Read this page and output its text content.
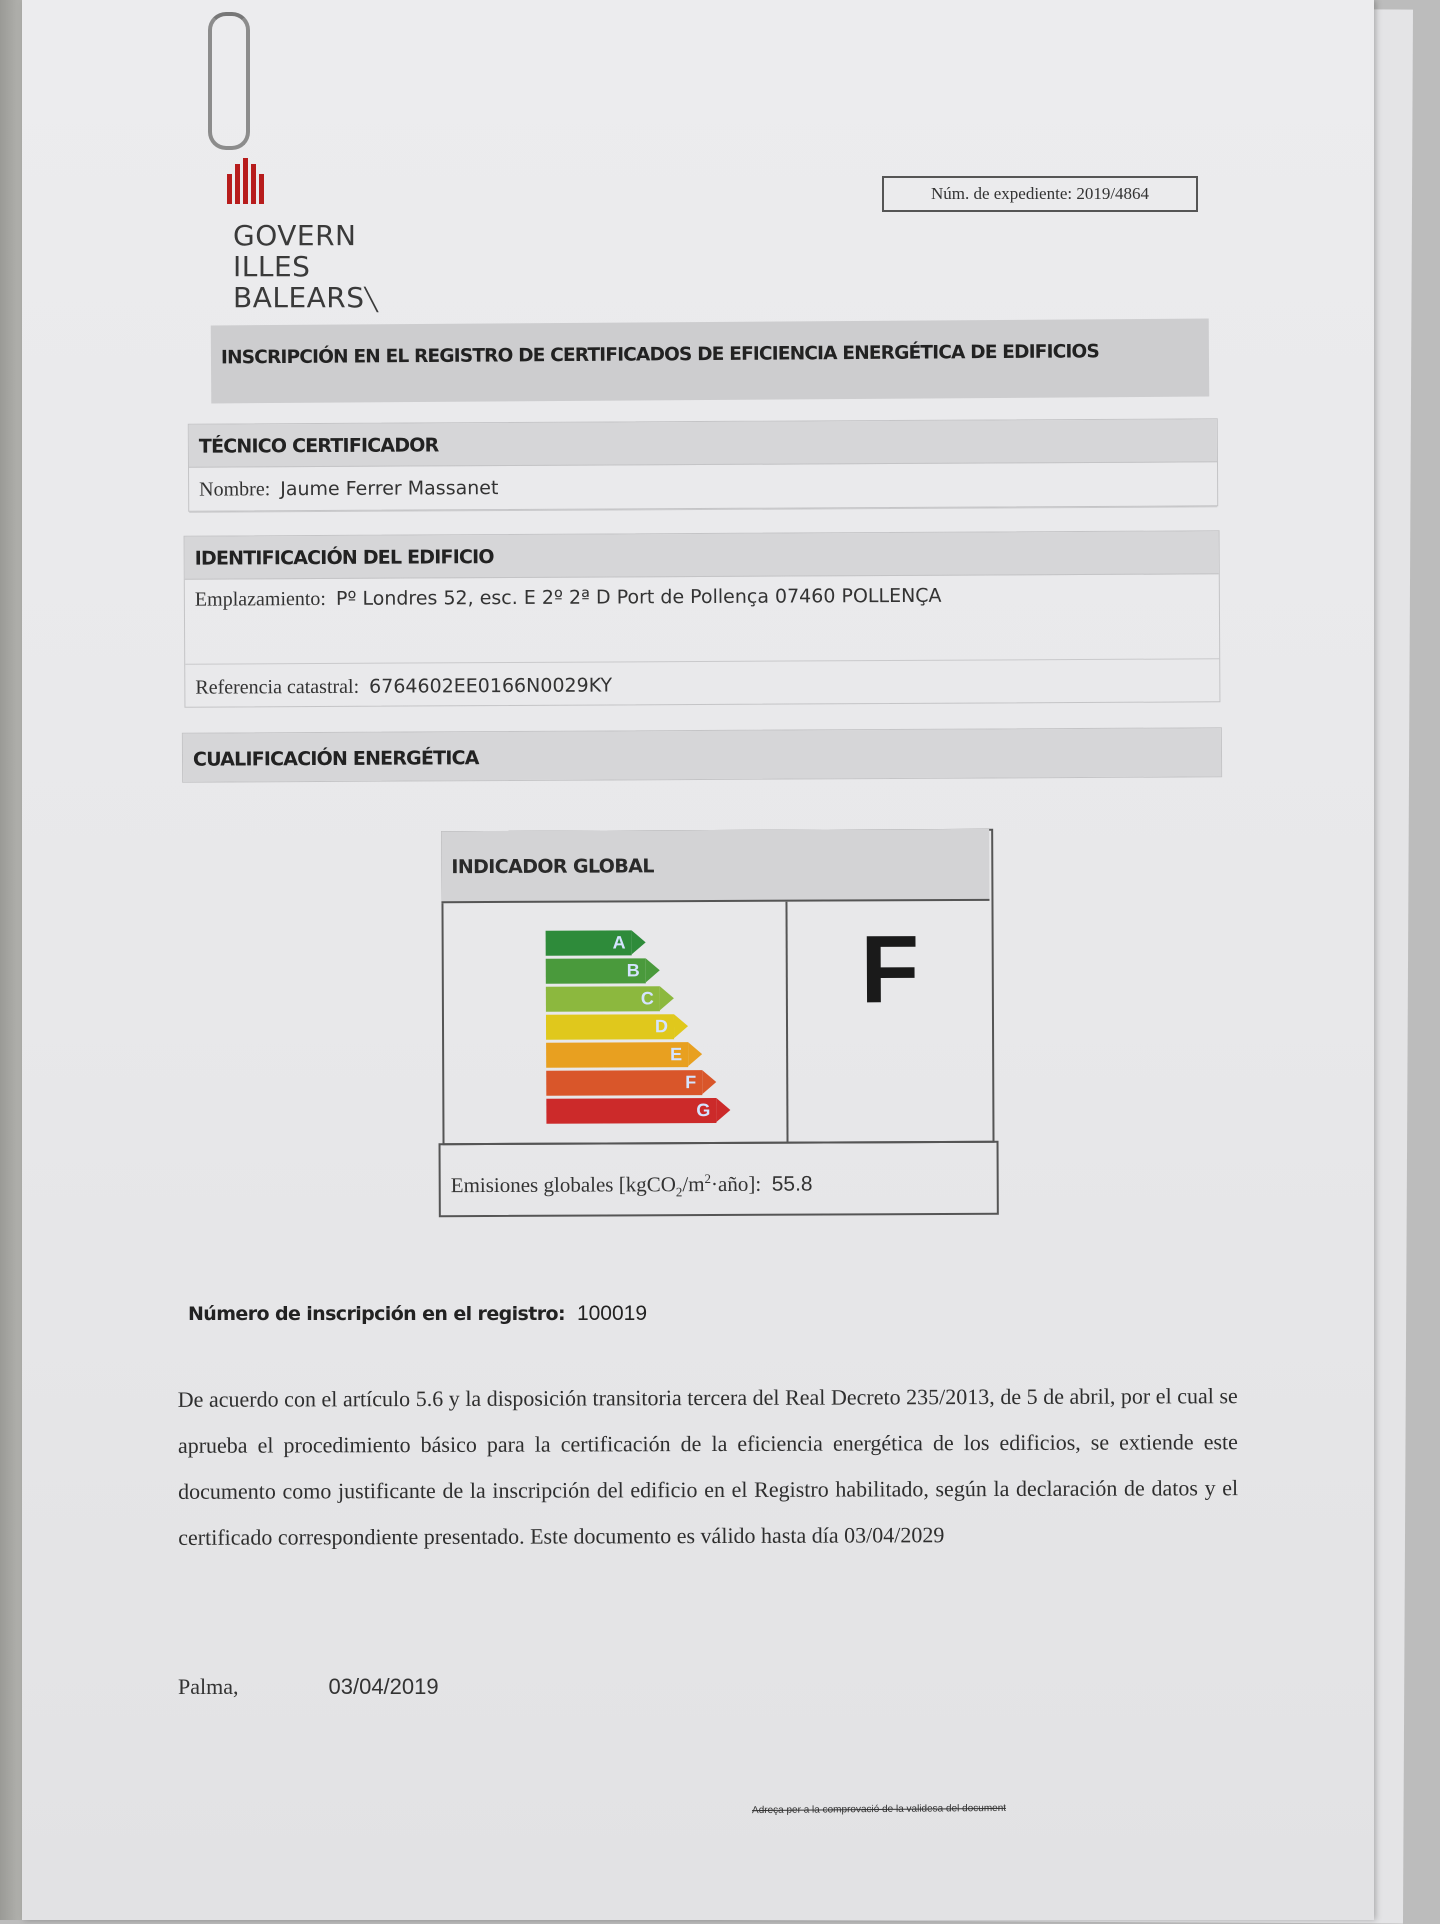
GOVERN
ILLES
BALEARS╲
Núm. de expediente: 2019/4864
INSCRIPCIÓN EN EL REGISTRO DE CERTIFICADOS DE EFICIENCIA ENERGÉTICA DE EDIFICIOS
TÉCNICO CERTIFICADOR
Nombre: Jaume Ferrer Massanet
IDENTIFICACIÓN DEL EDIFICIO
Emplazamiento: Pº Londres 52, esc. E 2º 2ª D Port de Pollença 07460 POLLENÇA
Referencia catastral: 6764602EE0166N0029KY
CUALIFICACIÓN ENERGÉTICA
INDICADOR GLOBAL
A
B
C
D
E
F
G
F
Emisiones globales $[kgCO_2/m^2\cdot año]$: 55.8
Número de inscripción en el registro: 100019
De acuerdo con el artículo 5.6 y la disposición transitoria tercera del Real Decreto 235/2013, de 5 de abril, por el cual se aprueba el procedimiento básico para la certificación de la eficiencia energética de los edificios, se extiende este documento como justificante de la inscripción del edificio en el Registro habilitado, según la declaración de datos y el certificado correspondiente presentado. Este documento es válido hasta día 03/04/2029
Palma,	03/04/2019
Adreça per a la comprovació de la validesa del document
